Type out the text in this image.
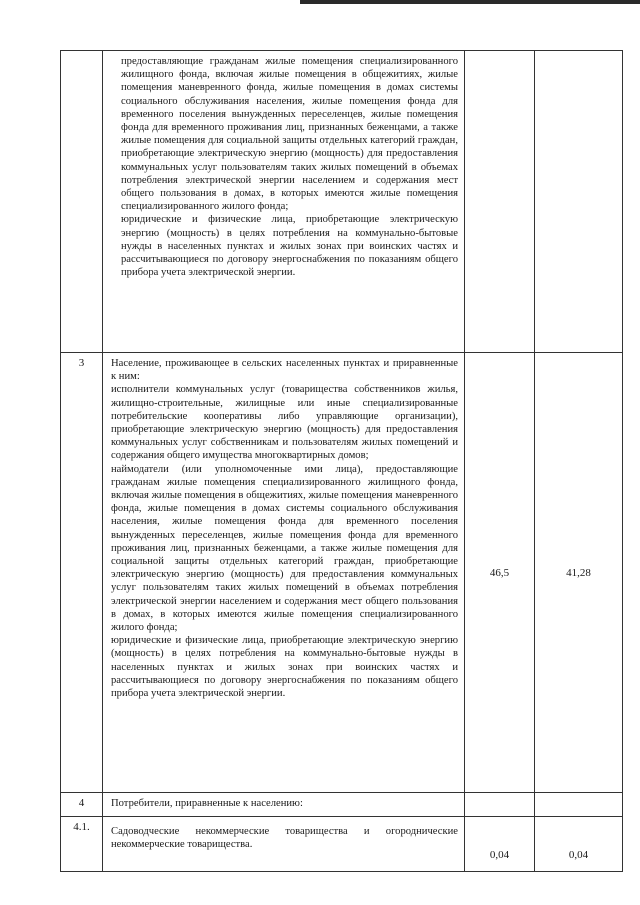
	предоставляющие гражданам жилые помещения специализированного жилищного фонда, включая жилые помещения в общежитиях, жилые помещения маневренного фонда, жилые помещения в домах системы социального обслуживания населения, жилые помещения фонда для временного поселения вынужденных переселенцев, жилые помещения фонда для временного проживания лиц, признанных беженцами, а также жилые помещения для социальной защиты отдельных категорий граждан, приобретающие электрическую энергию (мощность) для предоставления коммунальных услуг пользователям таких жилых помещений в объемах потребления электрической энергии населением и содержания мест общего пользования в домах, в которых имеются жилые помещения специализированного жилого фонда;
юридические и физические лица, приобретающие электрическую энергию (мощность) в целях потребления на коммунально-бытовые нужды в населенных пунктах и жилых зонах при воинских частях и рассчитывающиеся по договору энергоснабжения по показаниям общего прибора учета электрической энергии.		

3	Население, проживающее в сельских населенных пунктах и приравненные к ним:
исполнители коммунальных услуг (товарищества собственников жилья, жилищно-строительные, жилищные или иные специализированные потребительские кооперативы либо управляющие организации), приобретающие электрическую энергию (мощность) для предоставления коммунальных услуг собственникам и пользователям жилых помещений и содержания общего имущества многоквартирных домов;
наймодатели (или уполномоченные ими лица), предоставляющие гражданам жилые помещения специализированного жилищного фонда, включая жилые помещения в общежитиях, жилые помещения маневренного фонда, жилые помещения в домах системы социального обслуживания населения, жилые помещения фонда для временного поселения вынужденных переселенцев, жилые помещения фонда для временного проживания лиц, признанных беженцами, а также жилые помещения для социальной защиты отдельных категорий граждан, приобретающие электрическую энергию (мощность) для предоставления коммунальных услуг пользователям таких жилых помещений в объемах потребления электрической энергии населением и содержания мест общего пользования в домах, в которых имеются жилые помещения специализированного жилого фонда;
юридические и физические лица, приобретающие электрическую энергию (мощность) в целях потребления на коммунально-бытовые нужды в населенных пунктах и жилых зонах при воинских частях и рассчитывающиеся по договору энергоснабжения по показаниям общего прибора учета электрической энергии.	46,5	41,28
4	Потребители, приравненные к населению:		

4.1.	Садоводческие некоммерческие товарищества и огороднические некоммерческие товарищества.	0,04	0,04
